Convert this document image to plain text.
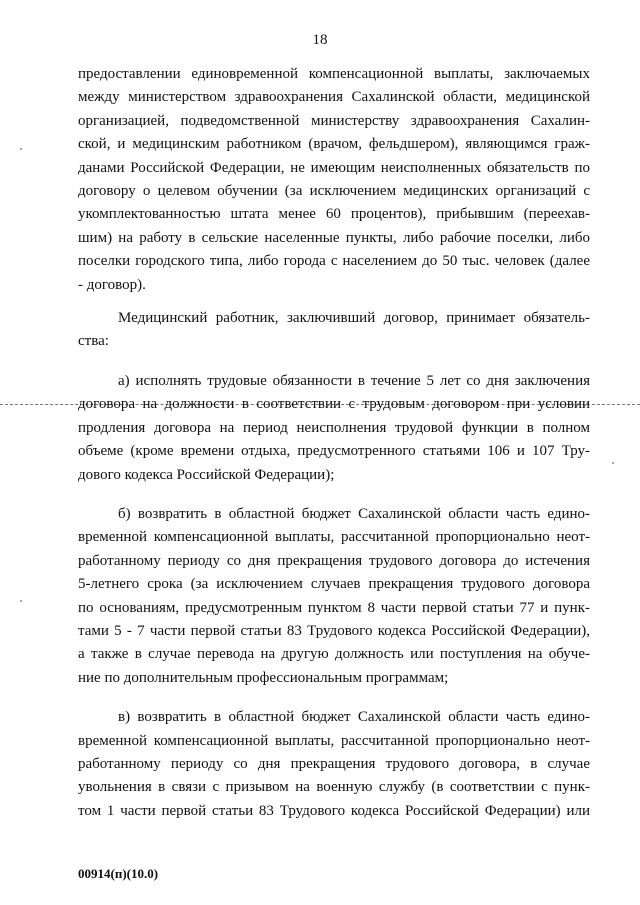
18
предоставлении единовременной компенсационной выплаты, заключаемых
между министерством здравоохранения Сахалинской области, медицинской
организацией, подведомственной министерству здравоохранения Сахалин-
ской, и медицинским работником (врачом, фельдшером), являющимся граж-
данами Российской Федерации, не имеющим неисполненных обязательств по
договору о целевом обучении (за исключением медицинских организаций с
укомплектованностью штата менее 60 процентов), прибывшим (переехав-
шим) на работу в сельские населенные пункты, либо рабочие поселки, либо
поселки городского типа, либо города с населением до 50 тыс. человек (далее
- договор).
Медицинский работник, заключивший договор, принимает обязатель-
ства:
а) исполнять трудовые обязанности в течение 5 лет со дня заключения
договора на должности в соответствии с трудовым договором при условии
продления договора на период неисполнения трудовой функции в полном
объеме (кроме времени отдыха, предусмотренного статьями 106 и 107 Тру-
дового кодекса Российской Федерации);
б) возвратить в областной бюджет Сахалинской области часть едино-
временной компенсационной выплаты, рассчитанной пропорционально неот-
работанному периоду со дня прекращения трудового договора до истечения
5-летнего срока (за исключением случаев прекращения трудового договора
по основаниям, предусмотренным пунктом 8 части первой статьи 77 и пунк-
тами 5 - 7 части первой статьи 83 Трудового кодекса Российской Федерации),
а также в случае перевода на другую должность или поступления на обуче-
ние по дополнительным профессиональным программам;
в) возвратить в областной бюджет Сахалинской области часть едино-
временной компенсационной выплаты, рассчитанной пропорционально неот-
работанному периоду со дня прекращения трудового договора, в случае
увольнения в связи с призывом на военную службу (в соответствии с пунк-
том 1 части первой статьи 83 Трудового кодекса Российской Федерации) или
00914(п)(10.0)
